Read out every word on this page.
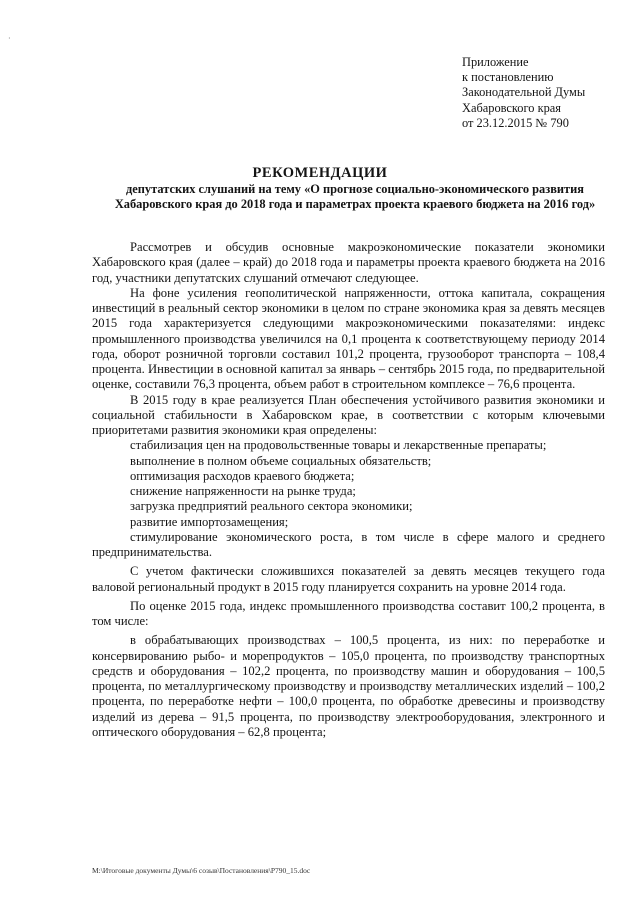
·
Приложение
к постановлению
Законодательной Думы
Хабаровского края
от 23.12.2015 № 790
РЕКОМЕНДАЦИИ
депутатских слушаний на тему «О прогнозе социально-экономического развития Хабаровского края до 2018 года и параметрах проекта краевого бюджета на 2016 год»

Рассмотрев и обсудив основные макроэкономические показатели экономики Хабаровского края (далее – край) до 2018 года и параметры проекта краевого бюджета на 2016 год, участники депутатских слушаний отмечают следующее.

На фоне усиления геополитической напряженности, оттока капитала, сокращения инвестиций в реальный сектор экономики в целом по стране экономика края за девять месяцев 2015 года характеризуется следующими макроэкономическими показателями: индекс промышленного производства увеличился на 0,1 процента к соответствующему периоду 2014 года, оборот розничной торговли составил 101,2 процента, грузооборот транспорта – 108,4 процента. Инвестиции в основной капитал за январь – сентябрь 2015 года, по предварительной оценке, составили 76,3 процента, объем работ в строительном комплексе – 76,6 процента.

В 2015 году в крае реализуется План обеспечения устойчивого развития экономики и социальной стабильности в Хабаровском крае, в соответствии с которым ключевыми приоритетами развития экономики края определены:

стабилизация цен на продовольственные товары и лекарственные препараты;

выполнение в полном объеме социальных обязательств;

оптимизация расходов краевого бюджета;

снижение напряженности на рынке труда;

загрузка предприятий реального сектора экономики;

развитие импортозамещения;

стимулирование экономического роста, в том числе в сфере малого и среднего предпринимательства.

С учетом фактически сложившихся показателей за девять месяцев текущего года валовой региональный продукт в 2015 году планируется сохранить на уровне 2014 года.

По оценке 2015 года, индекс промышленного производства составит 100,2 процента, в том числе:

в обрабатывающих производствах – 100,5 процента, из них: по переработке и консервированию рыбо- и морепродуктов – 105,0 процента, по производству транспортных средств и оборудования – 102,2 процента, по производству машин и оборудования – 100,5 процента, по металлургическому производству и производству металлических изделий – 100,2 процента, по переработке нефти – 100,0 процента, по обработке древесины и производству изделий из дерева – 91,5 процента, по производству электрооборудования, электронного и оптического оборудования – 62,8 процента;

М:\Итоговые документы Думы\6 созыв\Постановления\Р790_15.doc
